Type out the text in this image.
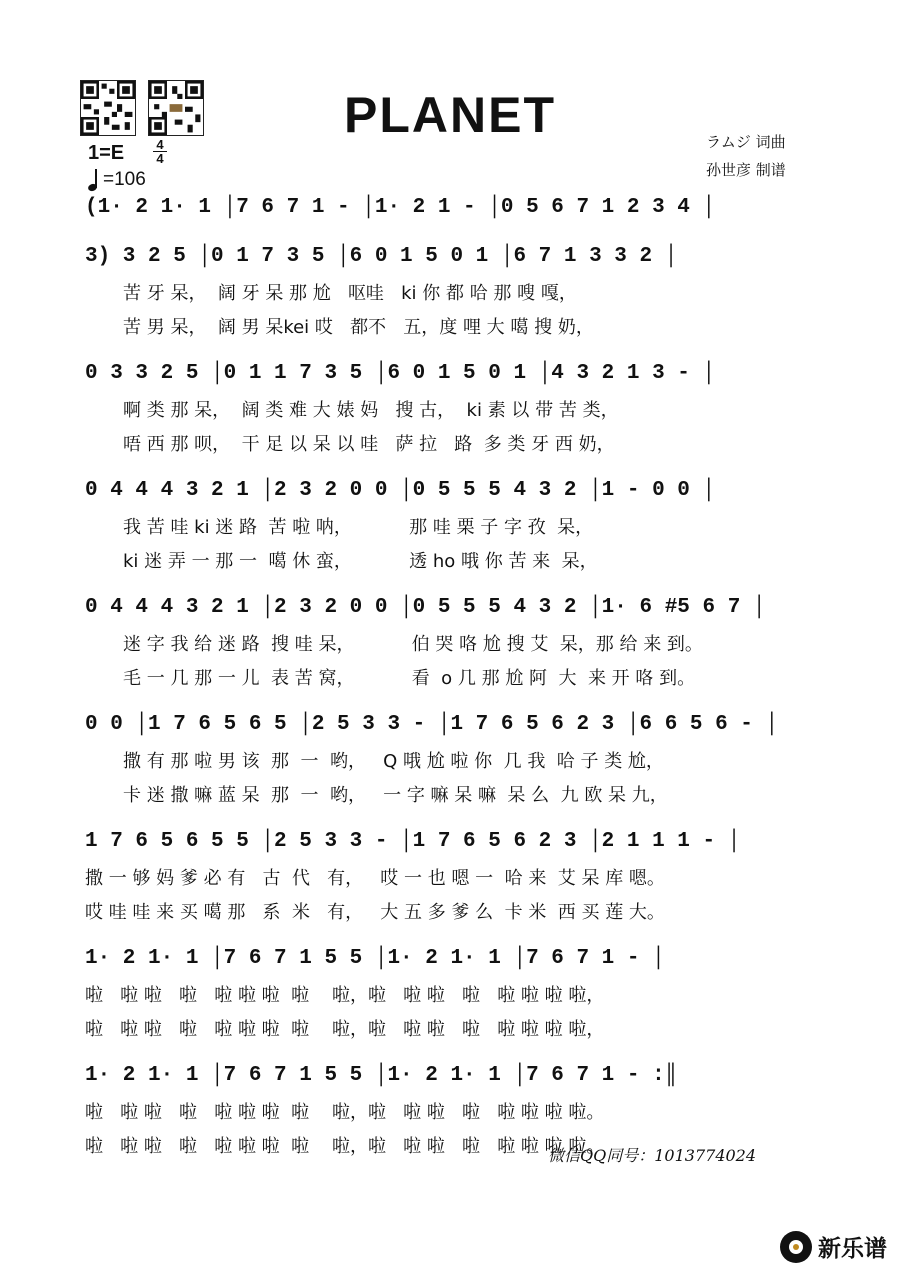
PLANET	ラムジ 词曲
孙世彦 制谱
1=E	4
4
=106
(1· 2 1· 1 │7 6 7 1 - │1· 2 1 - │0 5 6 7 1 2 3 4 │
3) 3 2 5 │0 1 7 3 5 │6 0 1 5 0 1 │6 7 1 3 3 2 │
苦 牙 呆，  阔 牙 呆 那 尬   呕哇   ki 你 都 哈 那 嗖 嘎，
苦 男 呆，  阔 男 呆kei 哎   都不   五，度 哩 大 噶 搜 奶，
0 3 3 2 5 │0 1 1 7 3 5 │6 0 1 5 0 1 │4 3 2 1 3 - │
啊 类 那 呆，  阔 类 难 大 婊 妈   搜 古，  ki 素 以 带 苦 类，
唔 西 那 呗，  干 足 以 呆 以 哇   萨 拉   路  多 类 牙 西 奶，
0 4 4 4 3 2 1 │2 3 2 0 0 │0 5 5 5 4 3 2 │1 - 0 0 │
我 苦 哇 ki 迷 路  苦 啦 呐，          那 哇 栗 子 字 孜  呆，
ki 迷 弄 一 那 一  噶 休 蛮，          透 ho 哦 你 苦 来  呆，
0 4 4 4 3 2 1 │2 3 2 0 0 │0 5 5 5 4 3 2 │1· 6 #5 6 7 │
迷 字 我 给 迷 路  搜 哇 呆，          伯 哭 咯 尬 搜 艾  呆，那 给 来 到。
毛 一 几 那 一 儿  表 苦 窝，          看  o 几 那 尬 阿  大  来 开 咯 到。
0 0 │1 7 6 5 6 5 │2 5 3 3 - │1 7 6 5 6 2 3 │6 6 5 6 - │
撒 有 那 啦 男 该  那  一  哟，   Q 哦 尬 啦 你  几 我  哈 子 类 尬，
卡 迷 撒 嘛 蓝 呆  那  一  哟，   一 字 嘛 呆 嘛  呆 么  九 欧 呆 九，
1 7 6 5 6 5 5 │2 5 3 3 - │1 7 6 5 6 2 3 │2 1 1 1 - │
撒 一 够 妈 爹 必 有   古  代   有，   哎 一 也 嗯 一  哈 来  艾 呆 库 嗯。
哎 哇 哇 来 买 噶 那   系  米   有，   大 五 多 爹 么  卡 米  西 买 莲 大。
1· 2 1· 1 │7 6 7 1 5 5 │1· 2 1· 1 │7 6 7 1 - │
啦   啦 啦   啦   啦 啦 啦  啦    啦，啦   啦 啦   啦   啦 啦 啦 啦，
啦   啦 啦   啦   啦 啦 啦  啦    啦，啦   啦 啦   啦   啦 啦 啦 啦，
1· 2 1· 1 │7 6 7 1 5 5 │1· 2 1· 1 │7 6 7 1 - :║
啦   啦 啦   啦   啦 啦 啦  啦    啦，啦   啦 啦   啦   啦 啦 啦 啦。
啦   啦 啦   啦   啦 啦 啦  啦    啦，啦   啦 啦   啦   啦 啦 啦 啦。
微信QQ同号：1013774024
新乐谱
